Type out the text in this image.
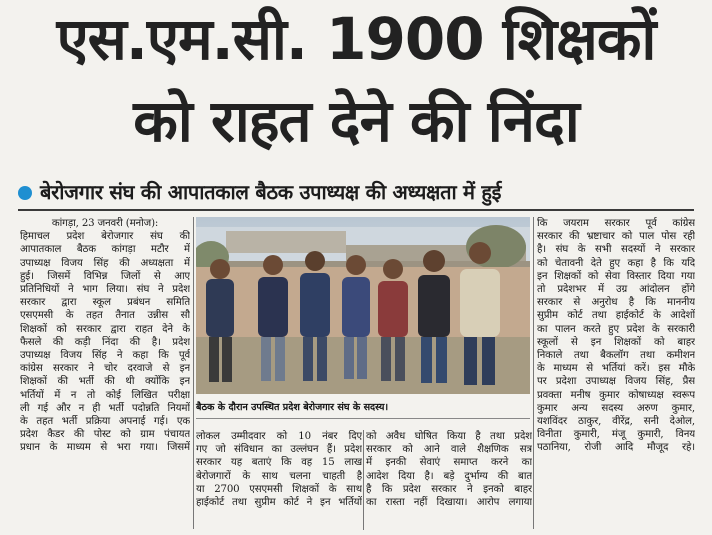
एस.एम.सी. 1900 शिक्षकों
को राहत देने की निंदा
बेरोजगार संघ की आपातकाल बैठक उपाध्यक्ष की अध्यक्षता में हुई
कांगड़ा, 23 जनवरी (मनोज):
हिमाचल प्रदेश बेरोजगार संघ की
आपातकाल बैठक कांगड़ा मटौर में
उपाध्यक्ष विजय सिंह की अध्यक्षता में
हुई। जिसमें विभिन्न जिलों से आए
प्रतिनिधियों ने भाग लिया। संघ ने प्रदेश
सरकार द्वारा स्कूल प्रबंधन समिति
एसएमसी के तहत तैनात उन्नीस सौ
शिक्षकों को सरकार द्वारा राहत देने के
फैसले की कड़ी निंदा की है। प्रदेश
उपाध्यक्ष विजय सिंह ने कहा कि पूर्व
कांग्रेस सरकार ने चोर दरवाजे से इन
शिक्षकों की भर्ती की थी क्योंकि इन
भर्तियों में न तो कोई लिखित परीक्षा
ली गई और न ही भर्ती पदोन्नति नियमों
के तहत भर्ती प्रक्रिया अपनाई गई। एक
प्रदेश कैडर की पोस्ट को ग्राम पंचायत
प्रधान के माध्यम से भरा गया। जिसमें
बैठक के दौरान उपस्थित प्रदेश बेरोजगार संघ के सदस्य।
लोकल उम्मीदवार को 10 नंबर दिए
गए जो संविधान का उल्लंघन हैं। प्रदेश
सरकार यह बताएं कि वह 15 लाख
बेरोजगारों के साथ चलना चाहती है
या 2700 एसएमसी शिक्षकों के साथ
हाईकोर्ट तथा सुप्रीम कोर्ट ने इन भर्तियों
को अवैध घोषित किया है तथा प्रदेश
सरकार को आने वाले शैक्षणिक सत्र
में इनकी सेवाएं समाप्त करने का
आदेश दिया है। बड़े दुर्भाग्य की बात
है कि प्रदेश सरकार ने इनको बाहर
का रास्ता नहीं दिखाया। आरोप लगाया
कि जयराम सरकार पूर्व कांग्रेस
सरकार की भ्रष्टाचार को पाल पोस रही
है। संघ के सभी सदस्यों ने सरकार
को चेतावनी देते हुए कहा है कि यदि
इन शिक्षकों को सेवा विस्तार दिया गया
तो प्रदेशभर में उग्र आंदोलन होंगे
सरकार से अनुरोध है कि माननीय
सुप्रीम कोर्ट तथा हाईकोर्ट के आदेशों
का पालन करते हुए प्रदेश के सरकारी
स्कूलों से इन शिक्षकों को बाहर
निकाले तथा बैकलॉग तथा कमीशन
के माध्यम से भर्तियां करें। इस मौके
पर प्रदेशा उपाध्यक्ष विजय सिंह, प्रैस
प्रवक्ता मनीष कुमार कोषाध्यक्ष स्वरूप
कुमार अन्य सदस्य अरुण कुमार,
यशविंदर ठाकुर, वीरेंद्र, सनी देओल,
विनीता कुमारी, मंजू कुमारी, विनय
पठानिया, रोजी आदि मौजूद रहे।
